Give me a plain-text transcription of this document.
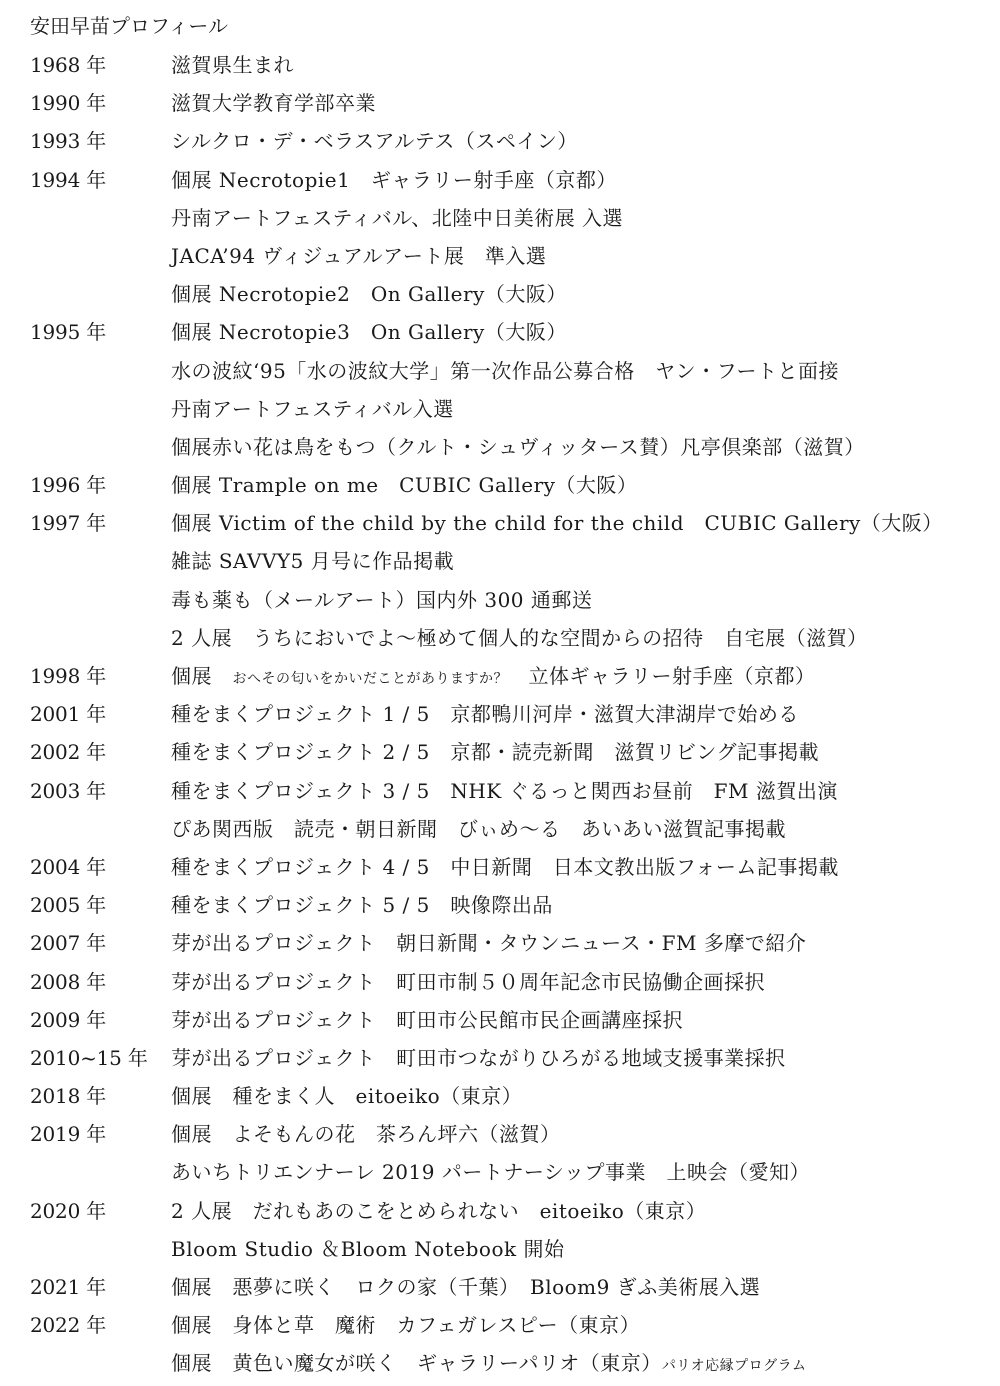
安田早苗プロフィール
1968 年	滋賀県生まれ
1990 年	滋賀大学教育学部卒業
1993 年	シルクロ・デ・ベラスアルテス（スペイン）
1994 年	個展 Necrotopie1　ギャラリー射手座（京都）
丹南アートフェスティバル、北陸中日美術展 入選
JACA’94 ヴィジュアルアート展　準入選
個展 Necrotopie2　On Gallery（大阪）
1995 年	個展 Necrotopie3　On Gallery（大阪）
水の波紋‘95「水の波紋大学」第一次作品公募合格　ヤン・フートと面接
丹南アートフェスティバル入選
個展赤い花は鳥をもつ（クルト・シュヴィッタース賛）凡亭倶楽部（滋賀）
1996 年	個展 Trample on me　CUBIC Gallery（大阪）
1997 年	個展 Victim of the child by the child for the child　CUBIC Gallery（大阪）
雑誌 SAVVY5 月号に作品掲載
毒も薬も（メールアート）国内外 300 通郵送
2 人展　うちにおいでよ〜極めて個人的な空間からの招待　自宅展（滋賀）
1998 年	個展　 おへその匂いをかいだことがありますか？　 立体ギャラリー射手座（京都）
2001 年	種をまくプロジェクト 1 / 5　京都鴨川河岸・滋賀大津湖岸で始める
2002 年	種をまくプロジェクト 2 / 5　京都・読売新聞　滋賀リビング記事掲載
2003 年	種をまくプロジェクト 3 / 5　NHK ぐるっと関西お昼前　FM 滋賀出演
ぴあ関西版　読売・朝日新聞　びぃめ〜る　あいあい滋賀記事掲載
2004 年	種をまくプロジェクト 4 / 5　中日新聞　日本文教出版フォーム記事掲載
2005 年	種をまくプロジェクト 5 / 5　映像際出品
2007 年	芽が出るプロジェクト　朝日新聞・タウンニュース・FM 多摩で紹介
2008 年	芽が出るプロジェクト　町田市制５０周年記念市民協働企画採択
2009 年	芽が出るプロジェクト　町田市公民館市民企画講座採択
2010~15 年	芽が出るプロジェクト　町田市つながりひろがる地域支援事業採択
2018 年	個展　種をまく人　eitoeiko（東京）
2019 年	個展　よそもんの花　茶ろん坪六（滋賀）
あいちトリエンナーレ 2019 パートナーシップ事業　上映会（愛知）
2020 年	2 人展　だれもあのこをとめられない　eitoeiko（東京）
Bloom Studio ＆Bloom Notebook 開始
2021 年	個展　悪夢に咲く　ロクの家（千葉）　Bloom9 ぎふ美術展入選
2022 年	個展　身体と草　魔術　カフェガレスピー（東京）
個展　黄色い魔女が咲く　ギャラリーパリオ（東京）パリオ応縁プログラム
